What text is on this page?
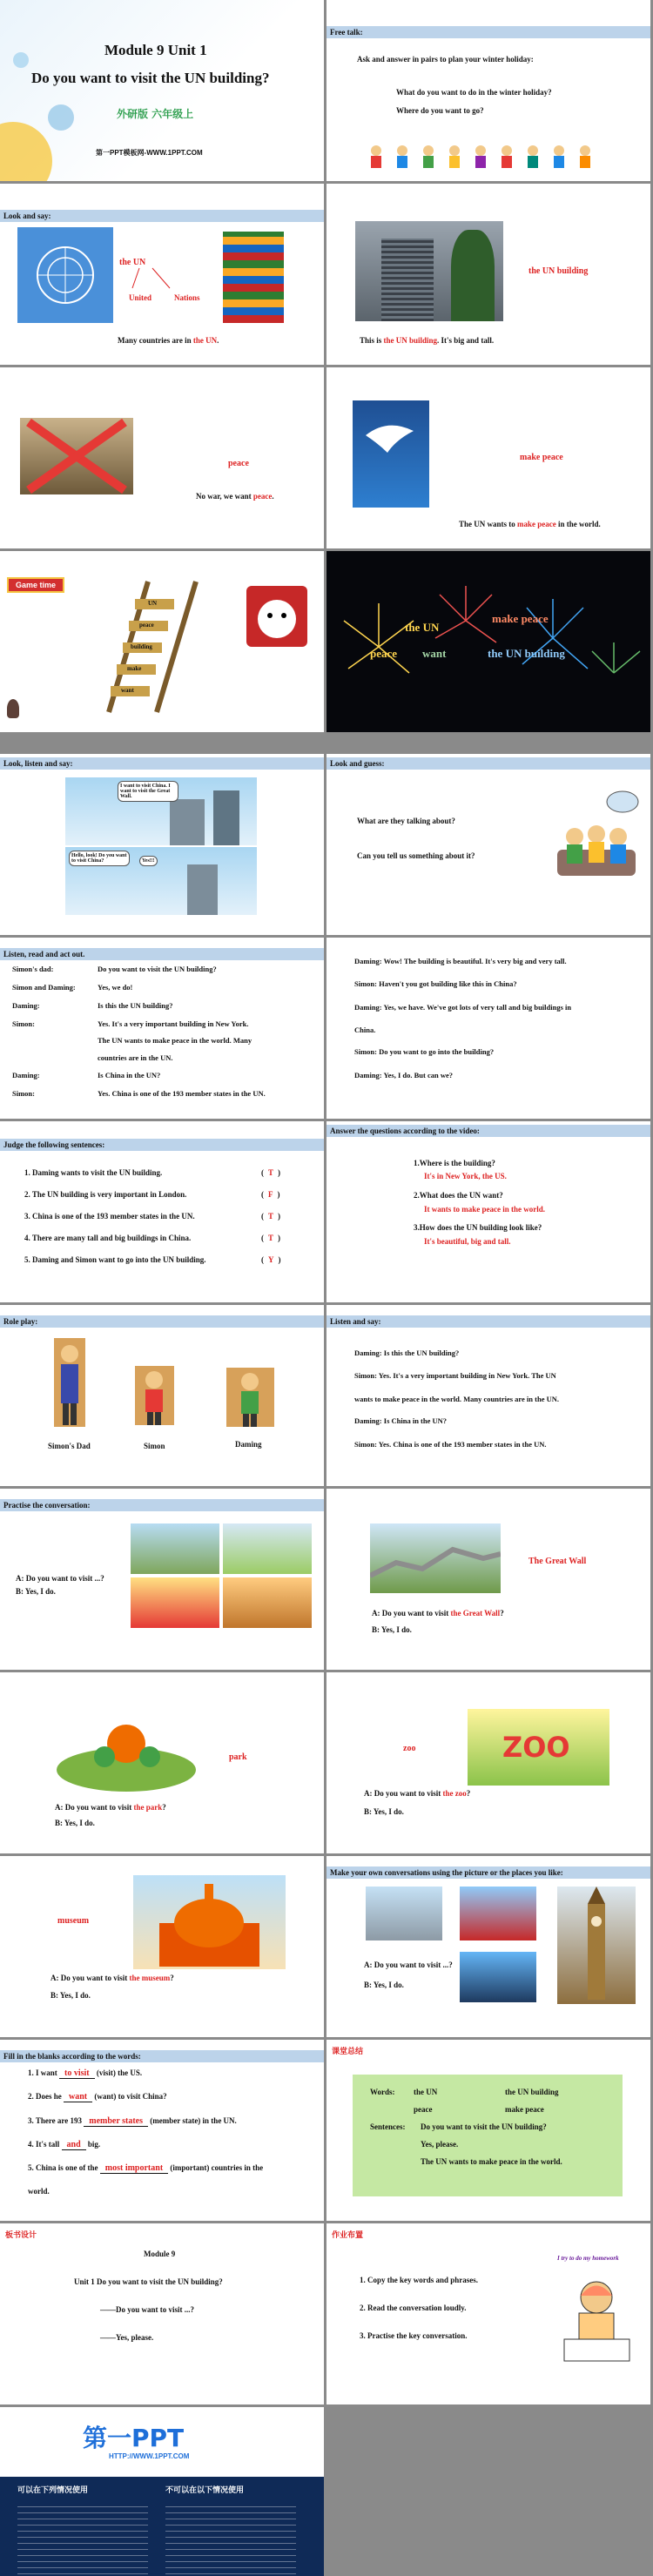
Module 9 Unit 1
Do you want to visit the UN building?
外研版 六年级上
第一PPT模板网-WWW.1PPT.COM
Free talk:
Ask and answer in pairs to plan your winter holiday:
What do you want to do in the winter holiday?
Where do you want to go?
Look and say:
the UN
United	Nations
Many countries are in the UN.
the UN building
This is the UN building. It's big and tall.
peace
No war, we want peace.
make peace
The UN wants to make peace in the world.
Game time
UN
peace
building
make
want
the UN
make peace
peace	the UN building
want
Look, listen and say:
I want to visit China. I want to visit the Great Wall.
Hello, look! Do you want to visit China?	Yes!!!
Look and guess:
What are they talking about?
Can you tell us something about it?
Listen, read and act out.
Simon's dad:	Do you want to visit the UN building?
Simon and Daming:	Yes, we do!
Daming:	Is this the UN building?
Simon:	Yes. It's a very important building in New York.
The UN wants to make peace in the world. Many
countries are in the UN.
Daming:	Is China in the UN?
Simon:	Yes. China is one of the 193 member states in the UN.
Daming: Wow! The building is beautiful. It's very big and very tall.
Simon: Haven't you got building like this in China?
Daming: Yes, we have. We've got lots of very tall and big buildings in
China.
Simon: Do you want to go into the building?
Daming: Yes, I do. But can we?
Judge the following sentences:
1. Daming wants to visit the UN building.	( T )
2. The UN building is very important in London.	( F )
3. China is one of the 193 member states in the UN.	( T )
4. There are many tall and big buildings in China.	( T )
5. Daming and Simon want to go into the UN building.	( Y )
Answer the questions according to the video:
1.Where is the building?
It's in New York, the US.
2.What does the UN want?
It wants to make peace in the world.
3.How does the UN building look like?
It's beautiful, big and tall.
Role play:
Simon's Dad	Simon	Daming
Listen and say:
Daming: Is this the UN building?
Simon: Yes. It's a very important building in New York. The UN
wants to make peace in the world. Many countries are in the UN.
Daming: Is China in the UN?
Simon: Yes. China is one of the 193 member states in the UN.
Practise the conversation:
A: Do you want to visit ...?
B: Yes, I do.
The Great Wall
A: Do you want to visit the Great Wall?
B: Yes, I do.
park
A: Do you want to visit the park?
B: Yes, I do.
ZOO
zoo
A: Do you want to visit the zoo?
B: Yes, I do.
museum
A: Do you want to visit the museum?
B: Yes, I do.
Make your own conversations using the picture or the places you like:
A: Do you want to visit ...?
B: Yes, I do.
Fill in the blanks according to the words:
1. I want to visit (visit) the US.
2. Does he want (want) to visit China?
3. There are 193 member states (member state) in the UN.
4. It's tall and big.
5. China is one of the most important (important) countries in the
world.
课堂总结
Words: the UN	the UN building
peace	make peace
Sentences: Do you want to visit the UN building?
Yes, please.
The UN wants to make peace in the world.
板书设计
Module 9
Unit 1 Do you want to visit the UN building?
——Do you want to visit ...?
——Yes, please.
作业布置
1. Copy the key words and phrases.
2. Read the conversation loudly.
3. Practise the key conversation.
I try to do my homework
第一PPT
HTTP://WWW.1PPT.COM
可以在下列情况使用	不可以在以下情况使用
